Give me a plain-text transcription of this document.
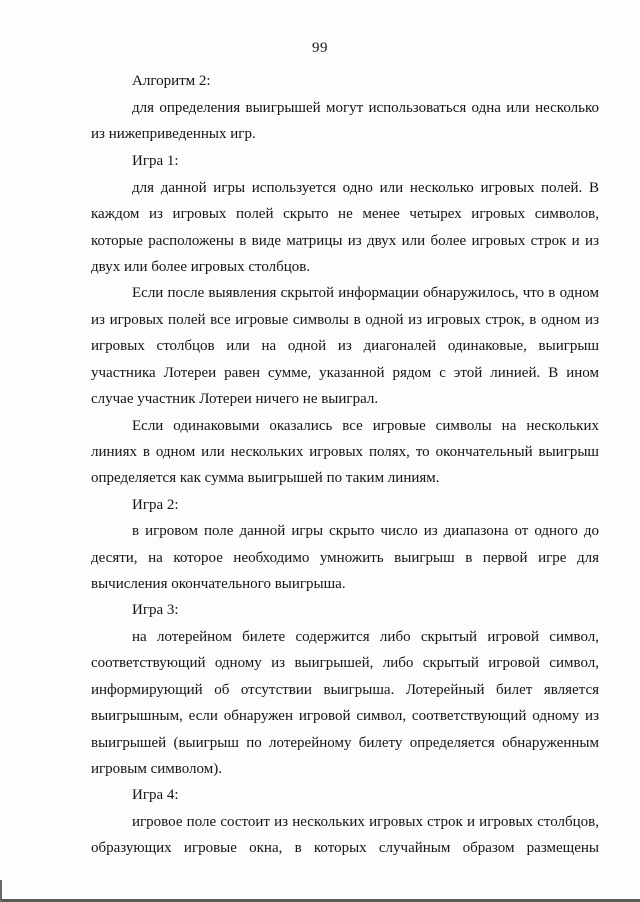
99
Алгоритм 2:
для определения выигрышей могут использоваться одна или несколько
из нижеприведенных игр.
Игра 1:
для данной игры используется одно или несколько игровых полей. В
каждом из игровых полей скрыто не менее четырех игровых символов,
которые расположены в виде матрицы из двух или более игровых строк и из
двух или более игровых столбцов.
Если после выявления скрытой информации обнаружилось, что в одном
из игровых полей все игровые символы в одной из игровых строк, в одном из
игровых столбцов или на одной из диагоналей одинаковые, выигрыш
участника Лотереи равен сумме, указанной рядом с этой линией. В ином
случае участник Лотереи ничего не выиграл.
Если одинаковыми оказались все игровые символы на нескольких
линиях в одном или нескольких игровых полях, то окончательный выигрыш
определяется как сумма выигрышей по таким линиям.
Игра 2:
в игровом поле данной игры скрыто число из диапазона от одного до
десяти, на которое необходимо умножить выигрыш в первой игре для
вычисления окончательного выигрыша.
Игра 3:
на лотерейном билете содержится либо скрытый игровой символ,
соответствующий одному из выигрышей, либо скрытый игровой символ,
информирующий об отсутствии выигрыша. Лотерейный билет является
выигрышным, если обнаружен игровой символ, соответствующий одному из
выигрышей (выигрыш по лотерейному билету определяется обнаруженным
игровым символом).
Игра 4:
игровое поле состоит из нескольких игровых строк и игровых столбцов,
образующих игровые окна, в которых случайным образом размещены
